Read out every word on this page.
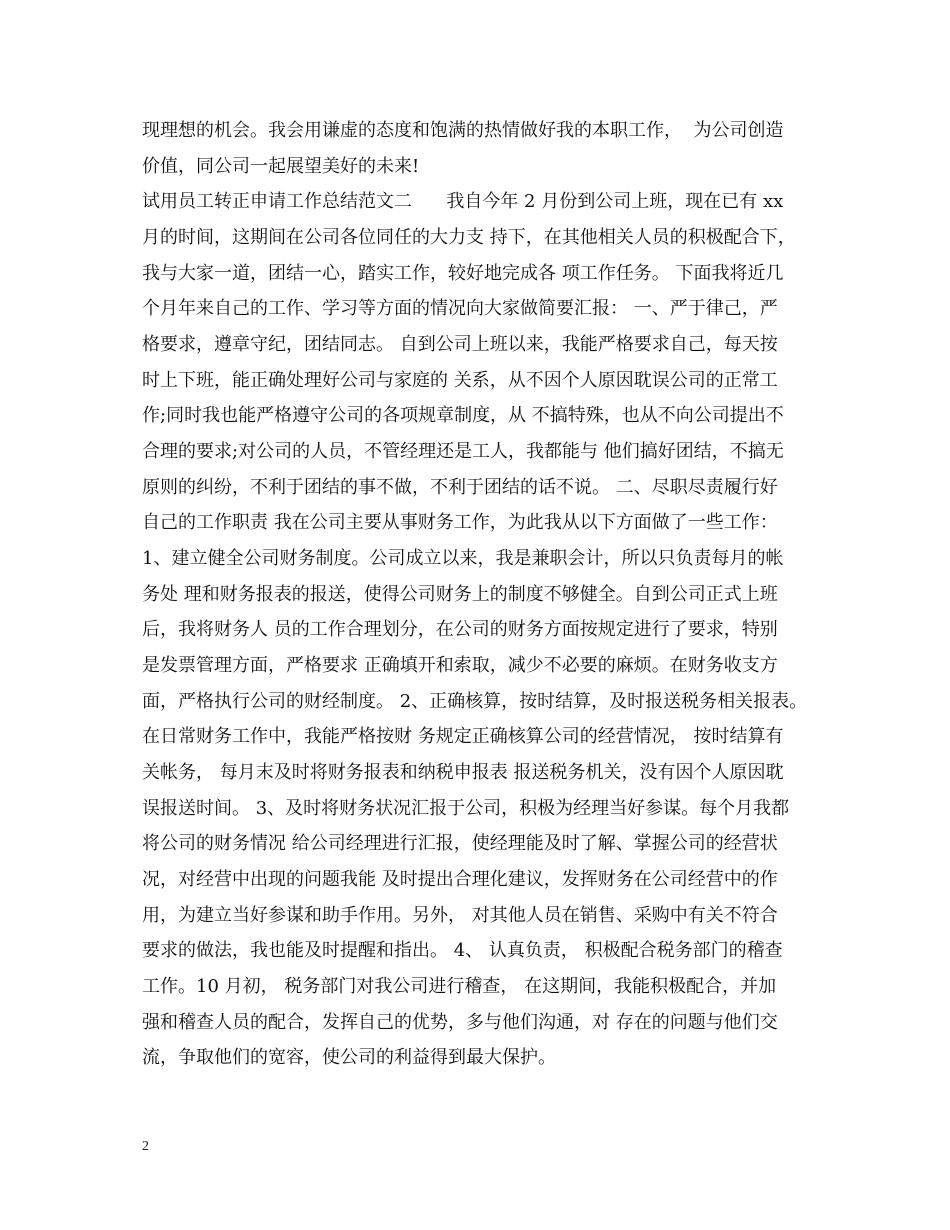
现理想的机会。我会用谦虚的态度和饱满的热情做好我的本职工作，  为公司创造

价值，同公司一起展望美好的未来!

试用员工转正申请工作总结范文二      我自今年 2 月份到公司上班，现在已有 xx

月的时间，这期间在公司各位同任的大力支 持下，在其他相关人员的积极配合下，

我与大家一道，团结一心，踏实工作，较好地完成各 项工作任务。 下面我将近几

个月年来自己的工作、学习等方面的情况向大家做简要汇报： 一、严于律己，严

格要求，遵章守纪，团结同志。 自到公司上班以来，我能严格要求自己，每天按

时上下班，能正确处理好公司与家庭的 关系，从不因个人原因耽误公司的正常工

作;同时我也能严格遵守公司的各项规章制度，从 不搞特殊，也从不向公司提出不

合理的要求;对公司的人员，不管经理还是工人，我都能与 他们搞好团结，不搞无

原则的纠纷，不利于团结的事不做，不利于团结的话不说。 二、尽职尽责履行好

自己的工作职责 我在公司主要从事财务工作，为此我从以下方面做了一些工作：

1、建立健全公司财务制度。公司成立以来，我是兼职会计，所以只负责每月的帐

务处 理和财务报表的报送，使得公司财务上的制度不够健全。自到公司正式上班

后，我将财务人 员的工作合理划分，在公司的财务方面按规定进行了要求，特别

是发票管理方面，严格要求 正确填开和索取，减少不必要的麻烦。在财务收支方

面，严格执行公司的财经制度。 2、正确核算，按时结算，及时报送税务相关报表。

在日常财务工作中，我能严格按财 务规定正确核算公司的经营情况， 按时结算有

关帐务， 每月末及时将财务报表和纳税申报表 报送税务机关，没有因个人原因耽

误报送时间。 3、及时将财务状况汇报于公司，积极为经理当好参谋。每个月我都

将公司的财务情况 给公司经理进行汇报，使经理能及时了解、掌握公司的经营状

况，对经营中出现的问题我能 及时提出合理化建议，发挥财务在公司经营中的作

用，为建立当好参谋和助手作用。另外， 对其他人员在销售、采购中有关不符合

要求的做法，我也能及时提醒和指出。 4、 认真负责， 积极配合税务部门的稽查

工作。10 月初， 税务部门对我公司进行稽查， 在这期间，我能积极配合，并加

强和稽查人员的配合，发挥自己的优势，多与他们沟通，对 存在的问题与他们交

流，争取他们的宽容，使公司的利益得到最大保护。

2
